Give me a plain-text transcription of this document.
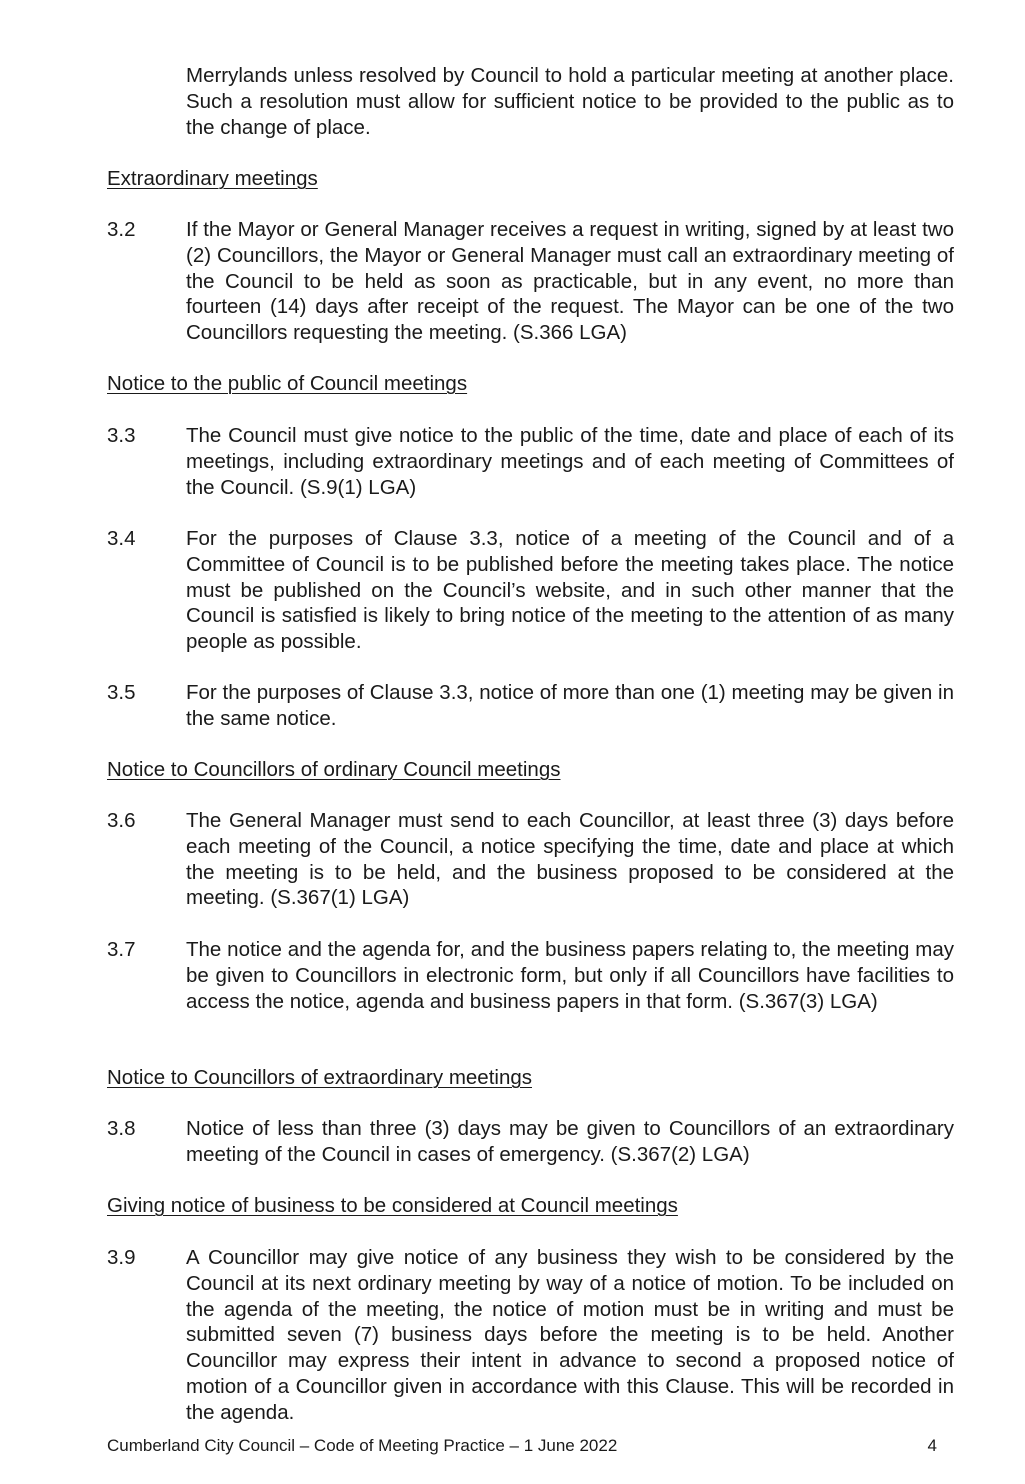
Merrylands unless resolved by Council to hold a particular meeting at another place. Such a resolution must allow for sufficient notice to be provided to the public as to the change of place.
Extraordinary meetings
3.2	If the Mayor or General Manager receives a request in writing, signed by at least two (2) Councillors, the Mayor or General Manager must call an extraordinary meeting of the Council to be held as soon as practicable, but in any event, no more than fourteen (14) days after receipt of the request. The Mayor can be one of the two Councillors requesting the meeting. (S.366 LGA)
Notice to the public of Council meetings
3.3	The Council must give notice to the public of the time, date and place of each of its meetings, including extraordinary meetings and of each meeting of Committees of the Council. (S.9(1) LGA)
3.4	For the purposes of Clause 3.3, notice of a meeting of the Council and of a Committee of Council is to be published before the meeting takes place. The notice must be published on the Council’s website, and in such other manner that the Council is satisfied is likely to bring notice of the meeting to the attention of as many people as possible.
3.5	For the purposes of Clause 3.3, notice of more than one (1) meeting may be given in the same notice.
Notice to Councillors of ordinary Council meetings
3.6	The General Manager must send to each Councillor, at least three (3) days before each meeting of the Council, a notice specifying the time, date and place at which the meeting is to be held, and the business proposed to be considered at the meeting. (S.367(1) LGA)
3.7	The notice and the agenda for, and the business papers relating to, the meeting may be given to Councillors in electronic form, but only if all Councillors have facilities to access the notice, agenda and business papers in that form. (S.367(3) LGA)
Notice to Councillors of extraordinary meetings
3.8	Notice of less than three (3) days may be given to Councillors of an extraordinary meeting of the Council in cases of emergency. (S.367(2) LGA)
Giving notice of business to be considered at Council meetings
3.9	A Councillor may give notice of any business they wish to be considered by the Council at its next ordinary meeting by way of a notice of motion. To be included on the agenda of the meeting, the notice of motion must be in writing and must be submitted seven (7) business days before the meeting is to be held. Another Councillor may express their intent in advance to second a proposed notice of motion of a Councillor given in accordance with this Clause. This will be recorded in the agenda.
Cumberland City Council – Code of Meeting Practice – 1 June 2022	4
